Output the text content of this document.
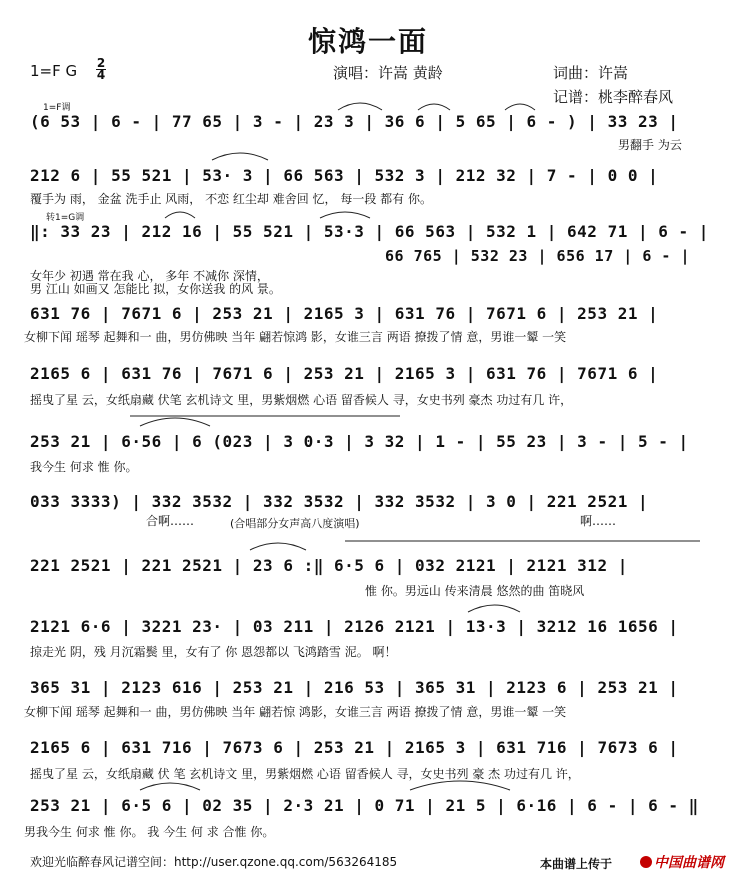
惊鸿一面
1=F G 2
4	演唱：许嵩 黄龄	词曲：许嵩
记谱：桃李醉春风
1=F调
(6 53 | 6 - | 77 65 | 3 - | 23 3 | 36 6 | 5 65 | 6 - ) | 33 23 |
男翻手 为云
212 6 | 55 521 | 53· 3 | 66 563 | 532 3 | 212 32 | 7 - | 0 0 |
覆手为 雨， 金盆 洗手止 风雨， 不恋 红尘却 难舍回 忆， 每一段 都有 你。
转1=G调
‖: 33 23 | 212 16 | 55 521 | 53·3 | 66 563 | 532 1 | 642 71 | 6 - |
66 765 | 532 23 | 656 17 | 6 - |
女年少 初遇 常在我 心， 多年 不减你 深情，
男 江山 如画又 怎能比 拟，女你送我 的风 景。
631 76 | 7671 6 | 253 21 | 2165 3 | 631 76 | 7671 6 | 253 21 |
女柳下闻 瑶琴 起舞和一 曲，男仿佛映 当年 翩若惊鸿 影，女谁三言 两语 撩拨了情 意，男谁一颦 一笑
2165 6 | 631 76 | 7671 6 | 253 21 | 2165 3 | 631 76 | 7671 6 |
摇曳了星 云，女纸扇藏 伏笔 玄机诗文 里，男紫烟燃 心语 留香候人 寻，女史书列 豪杰 功过有几 许，
253 21 | 6·56 | 6 (023 | 3 0·3 | 3 32 | 1 - | 55 23 | 3 - | 5 - |
我今生 何求 惟 你。
033 3333) | 332 3532 | 332 3532 | 332 3532 | 3 0 | 221 2521 |
合啊……	(合唱部分女声高八度演唱)	啊……
221 2521 | 221 2521 | 23 6 :‖ 6·5 6 | 032 2121 | 2121 312 |
惟 你。男远山 传来清晨 悠然的曲 笛晓风
2121 6·6 | 3221 23· | 03 211 | 2126 2121 | 13·3 | 3212 16 1656 |
掠走光 阴，残 月沉霜鬓 里，女有了 你 恩怨都以 飞鸿踏雪 泥。 啊！
365 31 | 2123 616 | 253 21 | 216 53 | 365 31 | 2123 6 | 253 21 |
女柳下闻 瑶琴 起舞和一 曲，男仿佛映 当年 翩若惊 鸿影，女谁三言 两语 撩拨了情 意，男谁一颦 一笑
2165 6 | 631 716 | 7673 6 | 253 21 | 2165 3 | 631 716 | 7673 6 |
摇曳了星 云，女纸扇藏 伏 笔 玄机诗文 里，男紫烟燃 心语 留香候人 寻，女史书列 豪 杰 功过有几 许，
253 21 | 6·5 6 | 02 35 | 2·3 21 | 0 71 | 21 5 | 6·16 | 6 - | 6 - ‖
男我今生 何求 惟 你。 我 今生 何 求 合惟 你。
欢迎光临醉春风记谱空间：http://user.qzone.qq.com/563264185	本曲谱上传于	中国曲谱网
